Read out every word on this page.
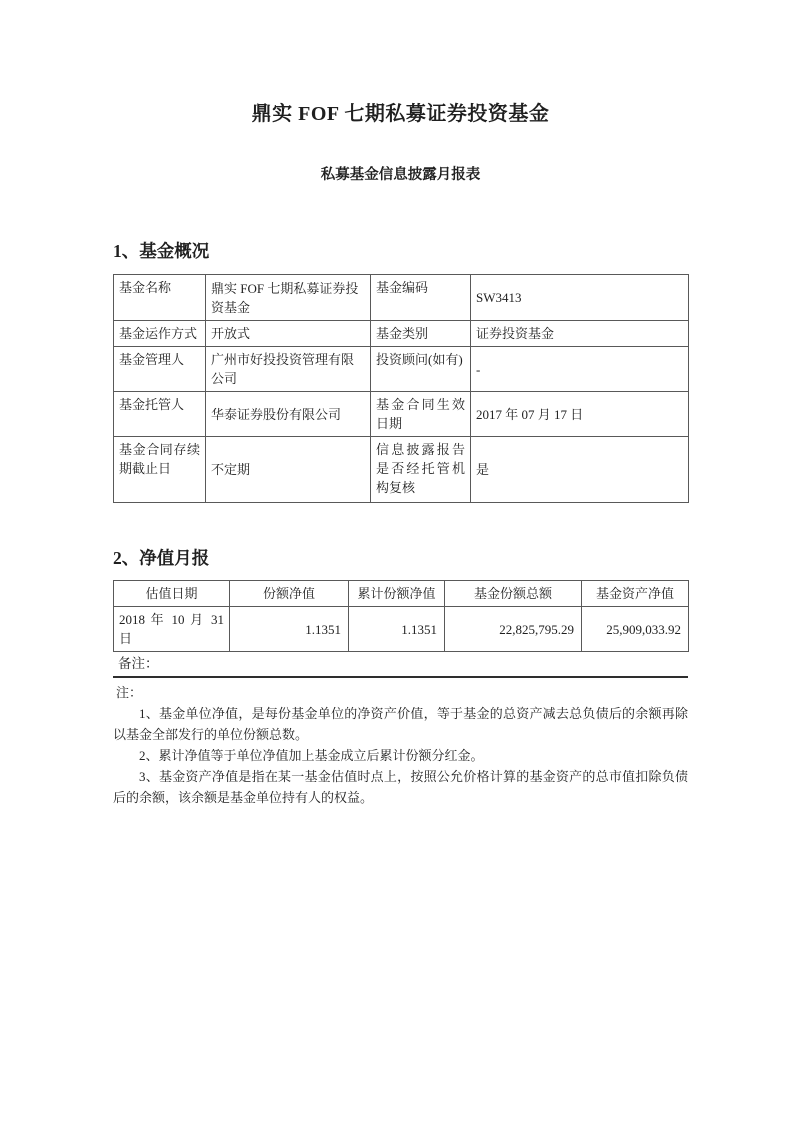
鼎实 FOF 七期私募证券投资基金
私募基金信息披露月报表
1、基金概况
基金名称	鼎实 FOF 七期私募证券投资基金	基金编码	SW3413
基金运作方式	开放式	基金类别	证券投资基金
基金管理人	广州市好投投资管理有限公司	投资顾问(如有)	-
基金托管人	华泰证券股份有限公司	基金合同生效日期	2017 年 07 月 17 日
基金合同存续期截止日	不定期	信息披露报告是否经托管机构复核	是
2、净值月报
估值日期	份额净值	累计份额净值	基金份额总额	基金资产净值
2018 年 10 月 31 日	1.1351	1.1351	22,825,795.29	25,909,033.92
备注：
注：
1、基金单位净值，是每份基金单位的净资产价值，等于基金的总资产减去总负债后的余额再除以基金全部发行的单位份额总数。
2、累计净值等于单位净值加上基金成立后累计份额分红金。
3、基金资产净值是指在某一基金估值时点上，按照公允价格计算的基金资产的总市值扣除负债后的余额，该余额是基金单位持有人的权益。
